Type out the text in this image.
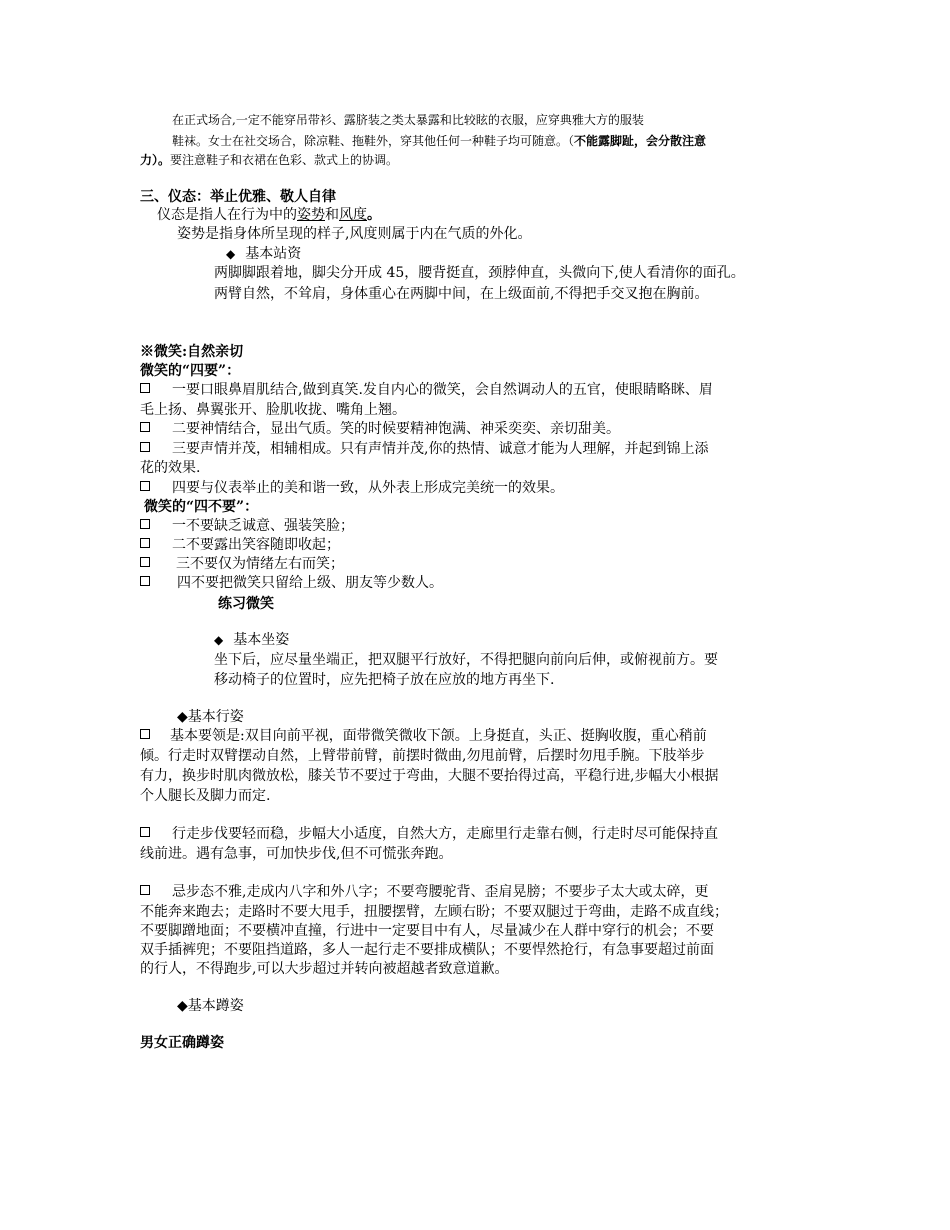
在正式场合,一定不能穿吊带衫、露脐装之类太暴露和比较眩的衣服，应穿典雅大方的服装
鞋袜。女士在社交场合，除凉鞋、拖鞋外，穿其他任何一种鞋子均可随意。（不能露脚趾，会分散注意
力）。要注意鞋子和衣裙在色彩、款式上的协调。
三、仪态：举止优雅、敬人自律
仪态是指人在行为中的姿势和风度。
姿势是指身体所呈现的样子,风度则属于内在气质的外化。
◆ 基本站资
两脚脚跟着地，脚尖分开成 45，腰背挺直，颈脖伸直，头微向下,使人看清你的面孔。
两臂自然，不耸肩，身体重心在两脚中间，在上级面前,不得把手交叉抱在胸前。
※微笑:自然亲切
微笑的“四要”：
一要口眼鼻眉肌结合,做到真笑.发自内心的微笑，会自然调动人的五官，使眼睛略眯、眉
毛上扬、鼻翼张开、脸肌收拢、嘴角上翘。
二要神情结合，显出气质。笑的时候要精神饱满、神采奕奕、亲切甜美。
三要声情并茂，相辅相成。只有声情并茂,你的热情、诚意才能为人理解，并起到锦上添
花的效果.
四要与仪表举止的美和谐一致，从外表上形成完美统一的效果。
微笑的“四不要”：
一不要缺乏诚意、强装笑脸；
二不要露出笑容随即收起；
三不要仅为情绪左右而笑；
四不要把微笑只留给上级、朋友等少数人。
练习微笑
◆ 基本坐姿
坐下后，应尽量坐端正，把双腿平行放好，不得把腿向前向后伸，或俯视前方。要
移动椅子的位置时，应先把椅子放在应放的地方再坐下.
◆基本行姿
基本要领是:双目向前平视，面带微笑微收下颌。上身挺直，头正、挺胸收腹，重心稍前
倾。行走时双臂摆动自然，上臂带前臂，前摆时微曲,勿甩前臂，后摆时勿甩手腕。下肢举步
有力，换步时肌肉微放松，膝关节不要过于弯曲，大腿不要抬得过高，平稳行进,步幅大小根据
个人腿长及脚力而定.
行走步伐要轻而稳，步幅大小适度，自然大方，走廊里行走靠右侧，行走时尽可能保持直
线前进。遇有急事，可加快步伐,但不可慌张奔跑。
忌步态不雅,走成内八字和外八字；不要弯腰驼背、歪肩晃膀；不要步子太大或太碎，更
不能奔来跑去；走路时不要大甩手，扭腰摆臂，左顾右盼；不要双腿过于弯曲，走路不成直线；
不要脚蹭地面；不要横冲直撞，行进中一定要目中有人，尽量减少在人群中穿行的机会；不要
双手插裤兜；不要阻挡道路，多人一起行走不要排成横队；不要悍然抢行，有急事要超过前面
的行人，不得跑步,可以大步超过并转向被超越者致意道歉。
◆基本蹲姿
男女正确蹲姿
